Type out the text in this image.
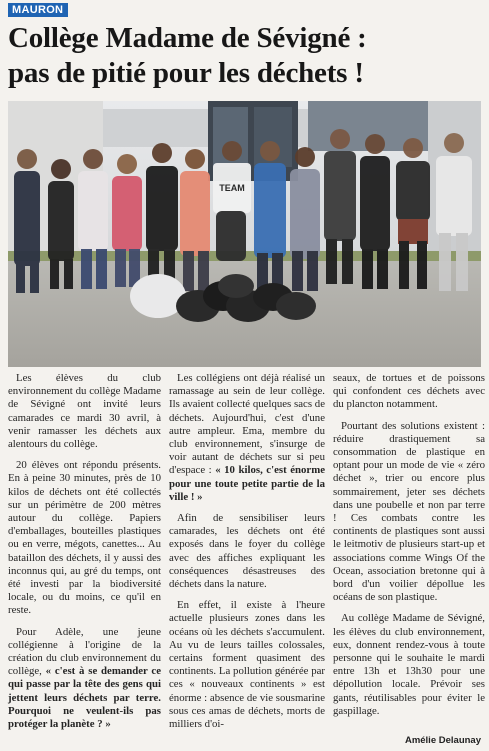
MAURON
Collège Madame de Sévigné :
pas de pitié pour les déchets !
TEAM

Les élèves du club environnement du collège Madame de Sévigné ont invité leurs camarades ce mardi 30 avril, à venir ramasser les déchets aux alentours du collège.

20 élèves ont répondu présents. En à peine 30 minutes, près de 10 kilos de déchets ont été collectés sur un périmètre de 200 mètres autour du collège. Papiers d'emballages, bouteilles plastiques ou en verre, mégots, canettes... Au bataillon des déchets, il y aussi des inconnus qui, au gré du temps, ont été investi par la biodiversité locale, ou du moins, ce qu'il en reste.

Pour Adèle, une jeune collégienne à l'origine de la création du club environnement du collège, « c'est à se demander ce qui passe par la tête des gens qui jettent leurs déchets par terre. Pourquoi ne veulent-ils pas protéger la planète ? »

Les collégiens ont déjà réalisé un ramassage au sein de leur collège. Ils avaient collecté quelques sacs de déchets. Aujourd'hui, c'est d'une autre ampleur. Ema, membre du club environnement, s'insurge de voir autant de déchets sur si peu d'espace : « 10 kilos, c'est énorme pour une toute petite partie de la ville ! »

Afin de sensibiliser leurs camarades, les déchets ont été exposés dans le foyer du collège avec des affiches expliquant les conséquences désastreuses des déchets dans la nature.

En effet, il existe à l'heure actuelle plusieurs zones dans les océans où les déchets s'accumulent. Au vu de leurs tailles colossales, certains forment quasiment des continents. La pollution générée par ces « nouveaux continents » est énorme : absence de vie sousmarine sous ces amas de déchets, morts de milliers d'oi-

seaux, de tortues et de poissons qui confondent ces déchets avec du plancton notamment.

Pourtant des solutions existent : réduire drastiquement sa consommation de plastique en optant pour un mode de vie « zéro déchet », trier ou encore plus sommairement, jeter ses déchets dans une poubelle et non par terre ! Ces combats contre les continents de plastiques sont aussi le leitmotiv de plusieurs start-up et associations comme Wings Of the Ocean, association bretonne qui à bord d'un voilier dépollue les océans de son plastique.

Au collège Madame de Sévigné, les élèves du club environnement, eux, donnent rendez-vous à toute personne qui le souhaite le mardi entre 13h et 13h30 pour une dépollution locale. Prévoir ses gants, réutilisables pour éviter le gaspillage.

Amélie Delaunay
